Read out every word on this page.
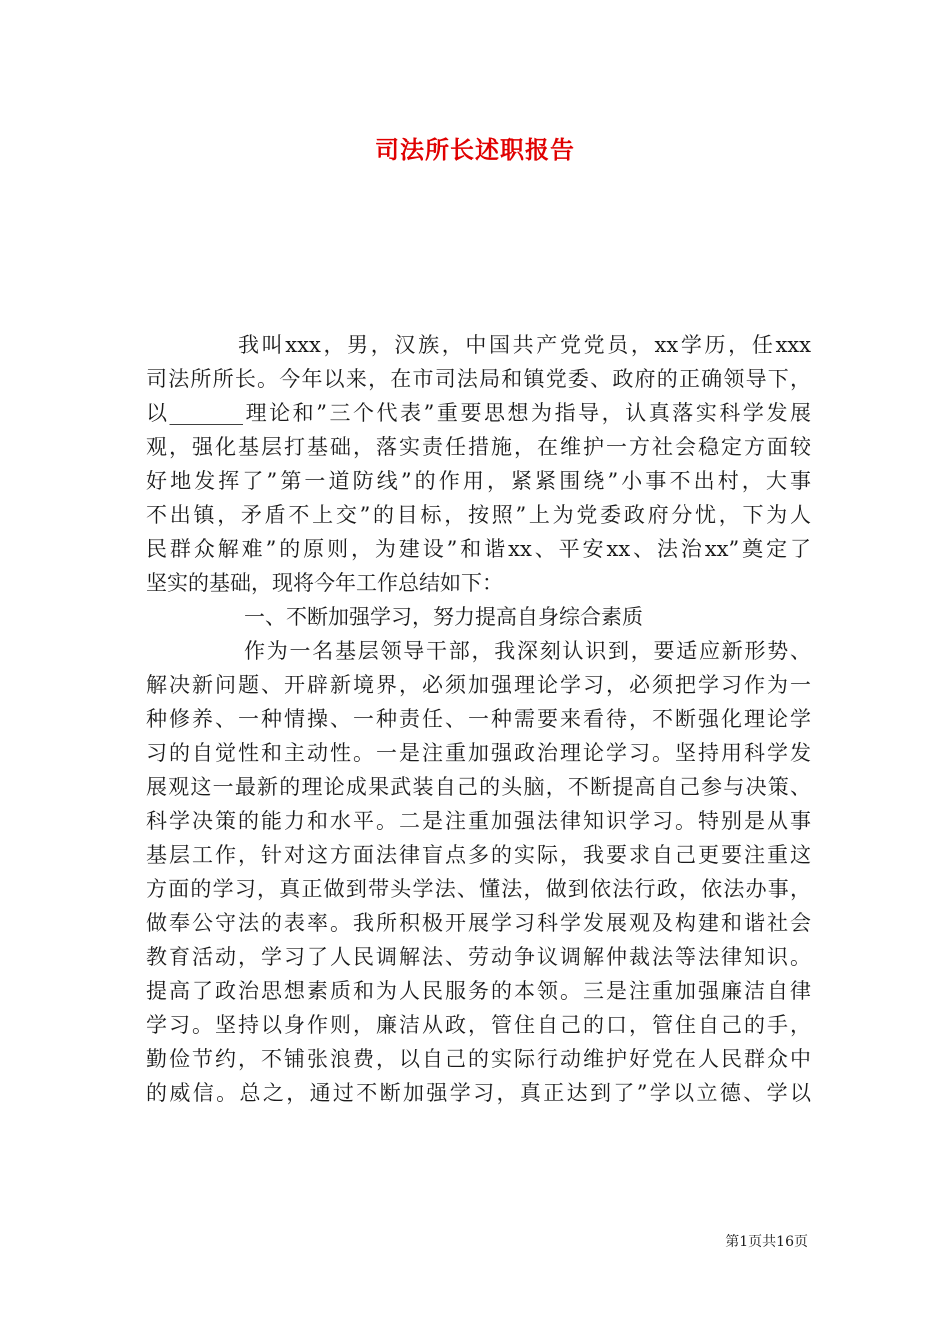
司法所长述职报告
我叫xxx，男，汉族，中国共产党党员，xx学历，任xxx
司法所所长。今年以来，在市司法局和镇党委、政府的正确领导下，
以_______理论和”三个代表”重要思想为指导，认真落实科学发展
观，强化基层打基础，落实责任措施，在维护一方社会稳定方面较
好地发挥了”第一道防线”的作用，紧紧围绕”小事不出村，大事
不出镇，矛盾不上交”的目标，按照”上为党委政府分忧，下为人
民群众解难”的原则，为建设”和谐xx、平安xx、法治xx”奠定了
坚实的基础，现将今年工作总结如下：
一、不断加强学习，努力提高自身综合素质
作为一名基层领导干部，我深刻认识到，要适应新形势、
解决新问题、开辟新境界，必须加强理论学习，必须把学习作为一
种修养、一种情操、一种责任、一种需要来看待，不断强化理论学
习的自觉性和主动性。一是注重加强政治理论学习。坚持用科学发
展观这一最新的理论成果武装自己的头脑，不断提高自己参与决策、
科学决策的能力和水平。二是注重加强法律知识学习。特别是从事
基层工作，针对这方面法律盲点多的实际，我要求自己更要注重这
方面的学习，真正做到带头学法、懂法，做到依法行政，依法办事，
做奉公守法的表率。我所积极开展学习科学发展观及构建和谐社会
教育活动，学习了人民调解法、劳动争议调解仲裁法等法律知识。
提高了政治思想素质和为人民服务的本领。三是注重加强廉洁自律
学习。坚持以身作则，廉洁从政，管住自己的口，管住自己的手，
勤俭节约，不铺张浪费，以自己的实际行动维护好党在人民群众中
的威信。总之，通过不断加强学习，真正达到了”学以立德、学以
第1页共16页
